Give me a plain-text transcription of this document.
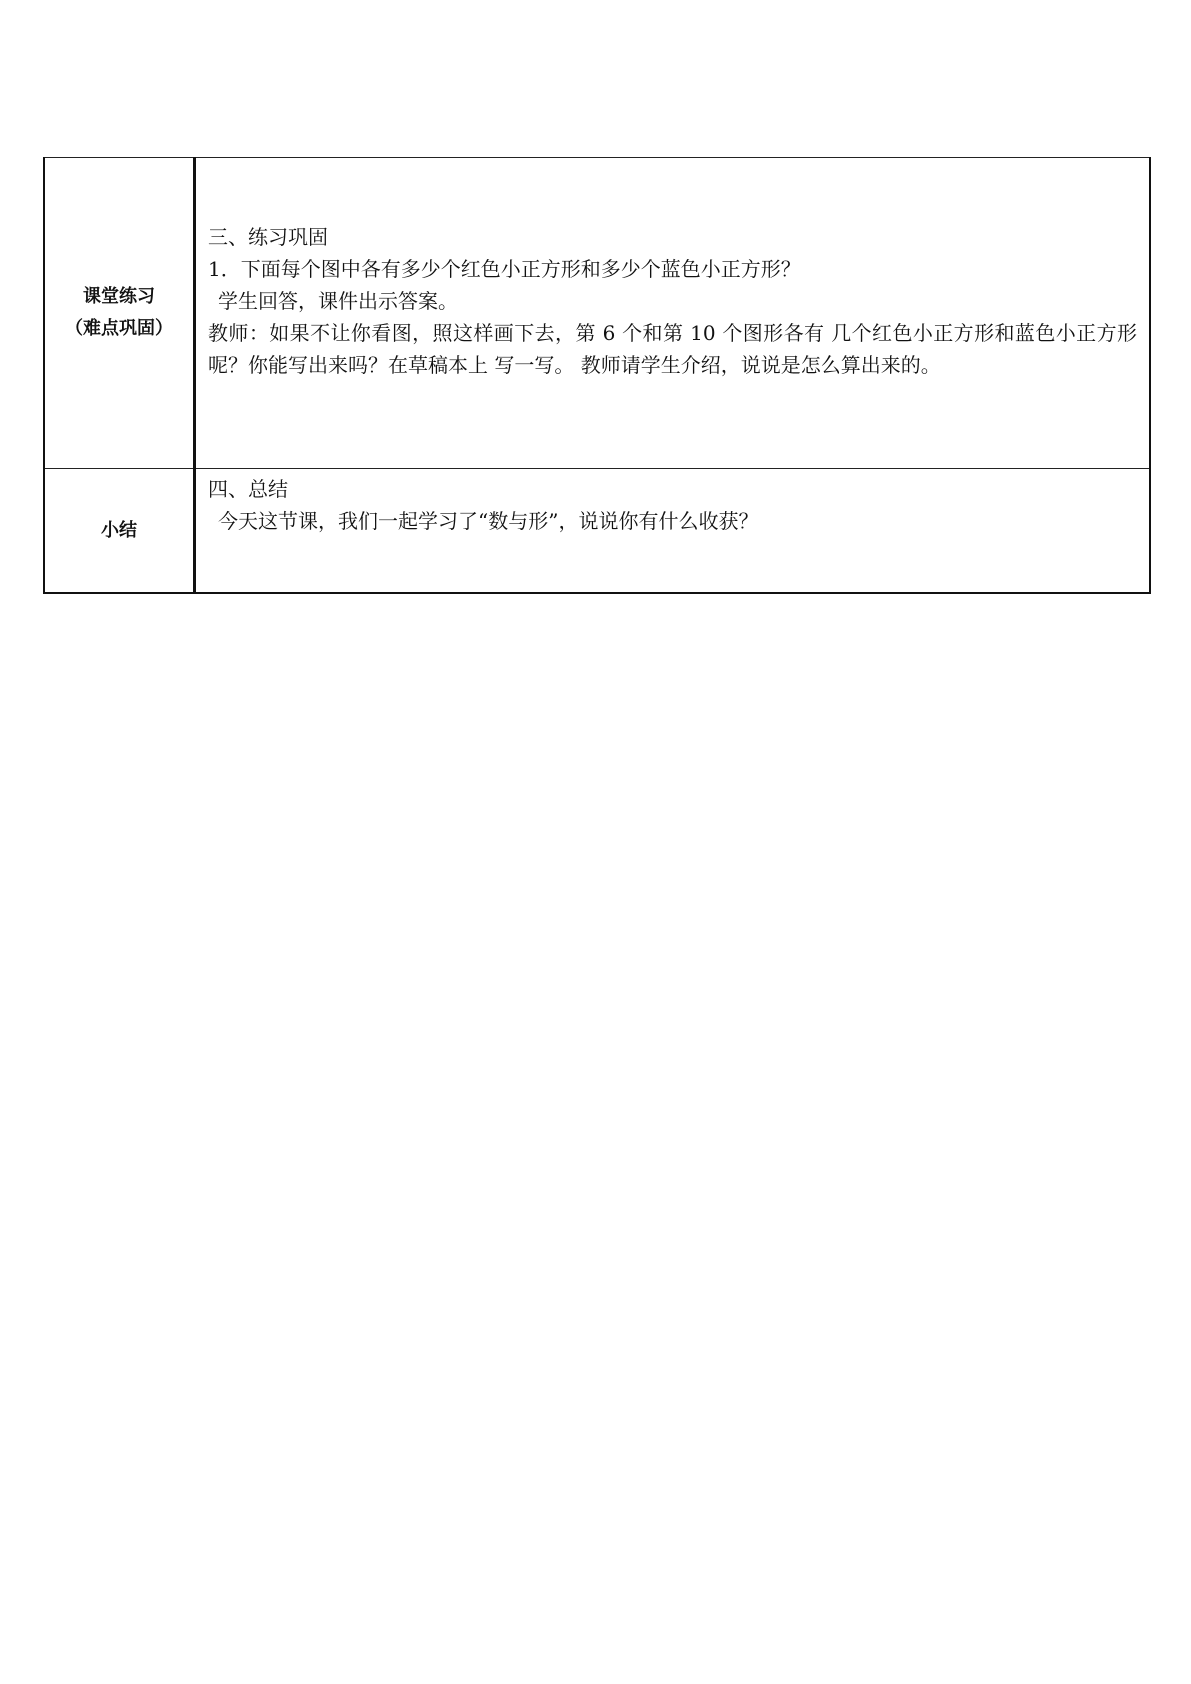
课堂练习
（难点巩固）	三、练习巩固
1．下面每个图中各有多少个红色小正方形和多少个蓝色小正方形？
学生回答，课件出示答案。
教师：如果不让你看图，照这样画下去，第 6 个和第 10 个图形各有 几个红色小正方形和蓝色小正方形呢？你能写出来吗？在草稿本上 写一写。 教师请学生介绍，说说是怎么算出来的。

小结	四、总结
今天这节课，我们一起学习了“数与形”，说说你有什么收获？
